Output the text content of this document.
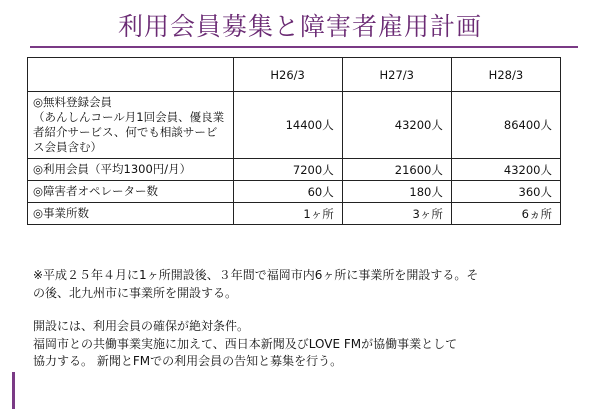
利用会員募集と障害者雇用計画
	H26/3	H27/3	H28/3

◎無料登録会員
（あんしんコール月1回会員、優良業
者紹介サービス、何でも相談サービ
ス会員含む）	14400人	43200人	86400人
◎利用会員（平均1300円/月）	7200人	21600人	43200人
◎障害者オペレーター数	60人	180人	360人
◎事業所数	1ヶ所	3ヶ所	6ヵ所
※平成２５年４月に1ヶ所開設後、３年間で福岡市内6ヶ所に事業所を開設する。そ
の後、北九州市に事業所を開設する。
開設には、利用会員の確保が絶対条件。
福岡市との共働事業実施に加えて、西日本新聞及びLOVE FMが協働事業として
協力する。 新聞とFMでの利用会員の告知と募集を行う。
